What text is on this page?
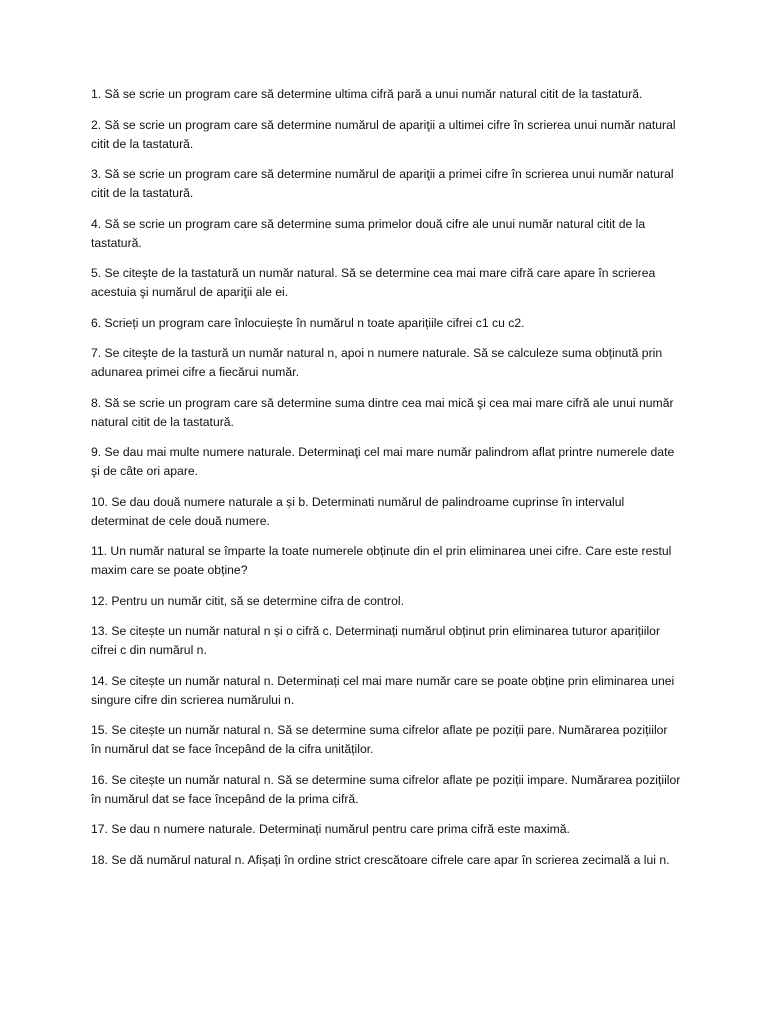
1. Să se scrie un program care să determine ultima cifră pară a unui număr natural citit de la tastatură.
2. Să se scrie un program care să determine numărul de apariţii a ultimei cifre în scrierea unui număr natural citit de la tastatură.
3. Să se scrie un program care să determine numărul de apariţii a primei cifre în scrierea unui număr natural citit de la tastatură.
4. Să se scrie un program care să determine suma primelor două cifre ale unui număr natural citit de la tastatură.
5. Se citeşte de la tastatură un număr natural. Să se determine cea mai mare cifră care apare în scrierea acestuia şi numărul de apariţii ale ei.
6. Scrieți un program care înlocuiește în numărul n toate aparițiile cifrei c1 cu c2.
7. Se citeşte de la tastură un număr natural n, apoi n numere naturale. Să se calculeze suma obținută prin adunarea primei cifre a fiecărui număr.
8. Să se scrie un program care să determine suma dintre cea mai mică şi cea mai mare cifră ale unui număr natural citit de la tastatură.
9. Se dau mai multe numere naturale. Determinaţi cel mai mare număr palindrom aflat printre numerele date şi de câte ori apare.
10. Se dau două numere naturale a și b. Determinati numărul de palindroame cuprinse în intervalul determinat de cele două numere.
11. Un număr natural se împarte la toate numerele obținute din el prin eliminarea unei cifre. Care este restul maxim care se poate obține?
12. Pentru un număr citit, să se determine cifra de control.
13. Se citește un număr natural n și o cifră c. Determinați numărul obținut prin eliminarea tuturor aparițiilor cifrei c din numărul n.
14. Se citește un număr natural n. Determinați cel mai mare număr care se poate obține prin eliminarea unei singure cifre din scrierea numărului n.
15. Se citește un număr natural n. Să se determine suma cifrelor aflate pe poziții pare. Numărarea pozițiilor în numărul dat se face începând de la cifra unităților.
16. Se citește un număr natural n. Să se determine suma cifrelor aflate pe poziții impare. Numărarea pozițiilor în numărul dat se face începând de la prima cifră.
17. Se dau n numere naturale. Determinați numărul pentru care prima cifră este maximă.
18. Se dă numărul natural n. Afișați în ordine strict crescătoare cifrele care apar în scrierea zecimală a lui n.
